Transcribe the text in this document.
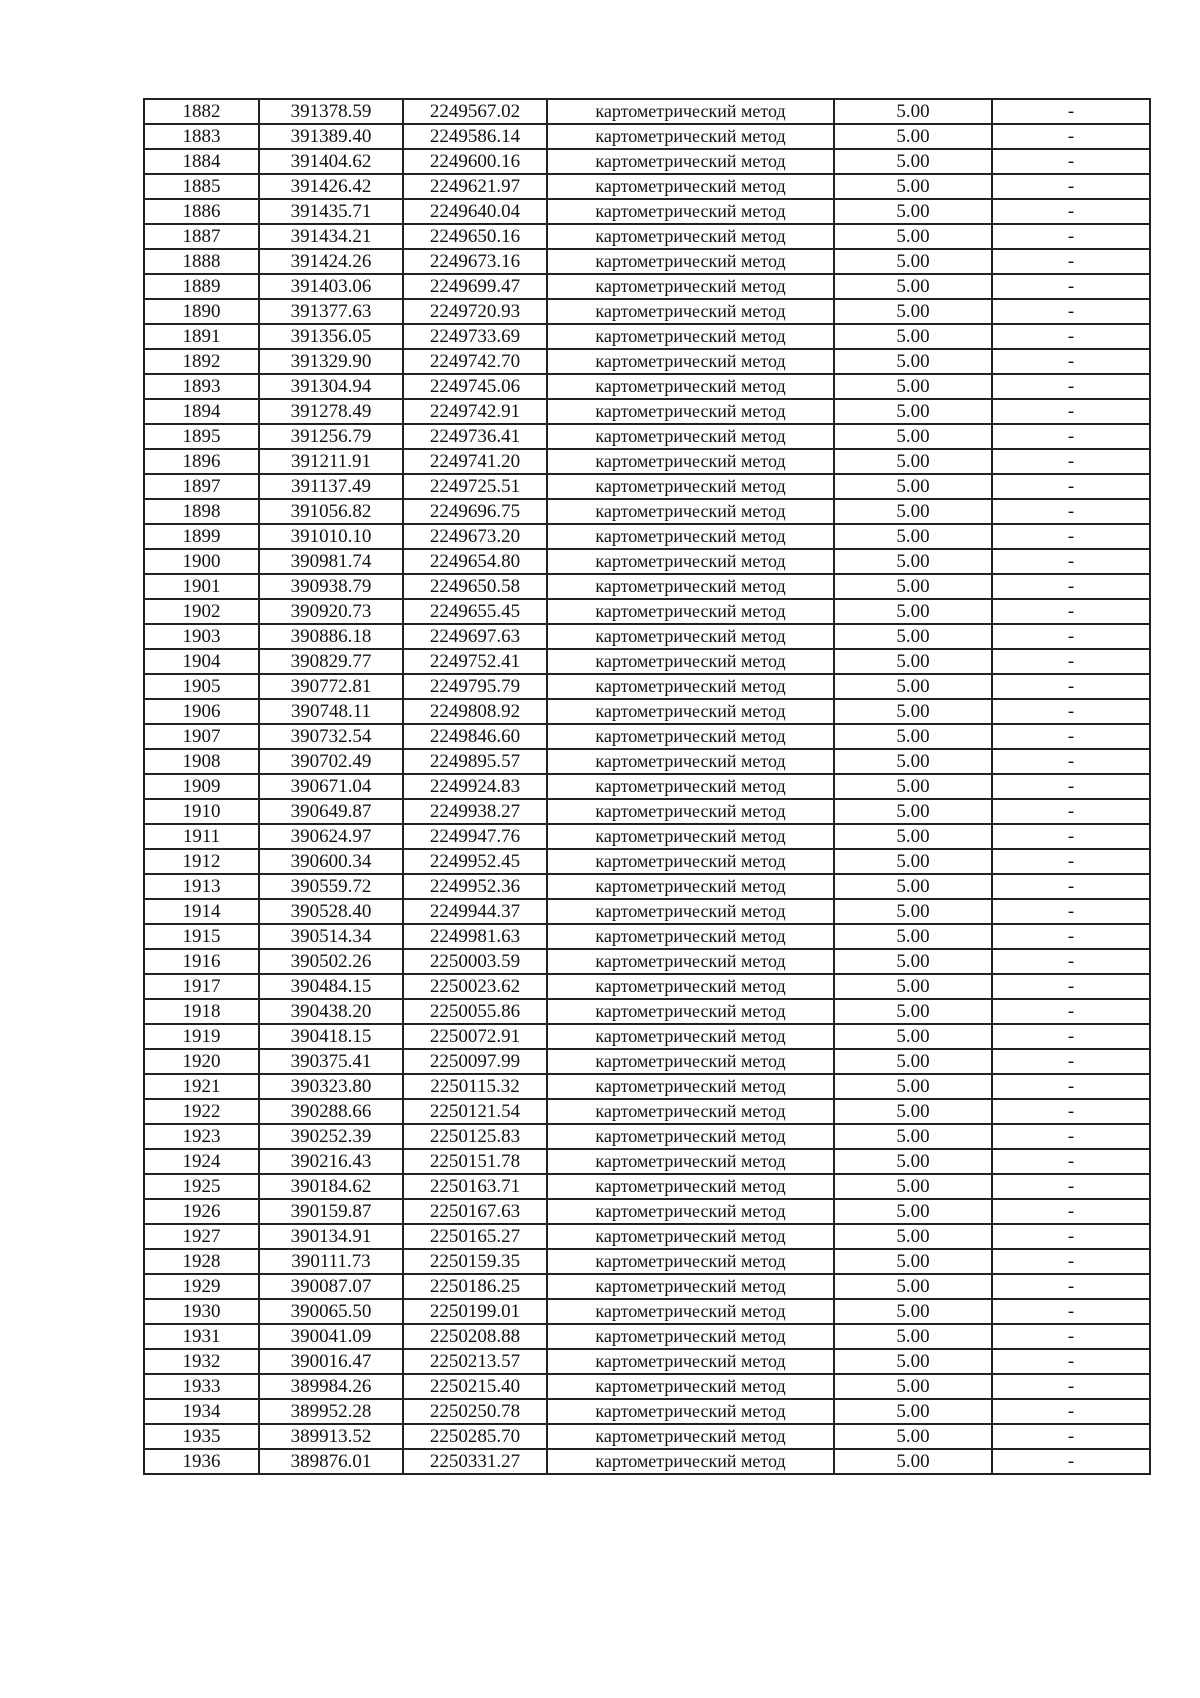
1882	391378.59	2249567.02	картометрический метод	5.00	-
1883	391389.40	2249586.14	картометрический метод	5.00	-
1884	391404.62	2249600.16	картометрический метод	5.00	-
1885	391426.42	2249621.97	картометрический метод	5.00	-
1886	391435.71	2249640.04	картометрический метод	5.00	-
1887	391434.21	2249650.16	картометрический метод	5.00	-
1888	391424.26	2249673.16	картометрический метод	5.00	-
1889	391403.06	2249699.47	картометрический метод	5.00	-
1890	391377.63	2249720.93	картометрический метод	5.00	-
1891	391356.05	2249733.69	картометрический метод	5.00	-
1892	391329.90	2249742.70	картометрический метод	5.00	-
1893	391304.94	2249745.06	картометрический метод	5.00	-
1894	391278.49	2249742.91	картометрический метод	5.00	-
1895	391256.79	2249736.41	картометрический метод	5.00	-
1896	391211.91	2249741.20	картометрический метод	5.00	-
1897	391137.49	2249725.51	картометрический метод	5.00	-
1898	391056.82	2249696.75	картометрический метод	5.00	-
1899	391010.10	2249673.20	картометрический метод	5.00	-
1900	390981.74	2249654.80	картометрический метод	5.00	-
1901	390938.79	2249650.58	картометрический метод	5.00	-
1902	390920.73	2249655.45	картометрический метод	5.00	-
1903	390886.18	2249697.63	картометрический метод	5.00	-
1904	390829.77	2249752.41	картометрический метод	5.00	-
1905	390772.81	2249795.79	картометрический метод	5.00	-
1906	390748.11	2249808.92	картометрический метод	5.00	-
1907	390732.54	2249846.60	картометрический метод	5.00	-
1908	390702.49	2249895.57	картометрический метод	5.00	-
1909	390671.04	2249924.83	картометрический метод	5.00	-
1910	390649.87	2249938.27	картометрический метод	5.00	-
1911	390624.97	2249947.76	картометрический метод	5.00	-
1912	390600.34	2249952.45	картометрический метод	5.00	-
1913	390559.72	2249952.36	картометрический метод	5.00	-
1914	390528.40	2249944.37	картометрический метод	5.00	-
1915	390514.34	2249981.63	картометрический метод	5.00	-
1916	390502.26	2250003.59	картометрический метод	5.00	-
1917	390484.15	2250023.62	картометрический метод	5.00	-
1918	390438.20	2250055.86	картометрический метод	5.00	-
1919	390418.15	2250072.91	картометрический метод	5.00	-
1920	390375.41	2250097.99	картометрический метод	5.00	-
1921	390323.80	2250115.32	картометрический метод	5.00	-
1922	390288.66	2250121.54	картометрический метод	5.00	-
1923	390252.39	2250125.83	картометрический метод	5.00	-
1924	390216.43	2250151.78	картометрический метод	5.00	-
1925	390184.62	2250163.71	картометрический метод	5.00	-
1926	390159.87	2250167.63	картометрический метод	5.00	-
1927	390134.91	2250165.27	картометрический метод	5.00	-
1928	390111.73	2250159.35	картометрический метод	5.00	-
1929	390087.07	2250186.25	картометрический метод	5.00	-
1930	390065.50	2250199.01	картометрический метод	5.00	-
1931	390041.09	2250208.88	картометрический метод	5.00	-
1932	390016.47	2250213.57	картометрический метод	5.00	-
1933	389984.26	2250215.40	картометрический метод	5.00	-
1934	389952.28	2250250.78	картометрический метод	5.00	-
1935	389913.52	2250285.70	картометрический метод	5.00	-
1936	389876.01	2250331.27	картометрический метод	5.00	-
